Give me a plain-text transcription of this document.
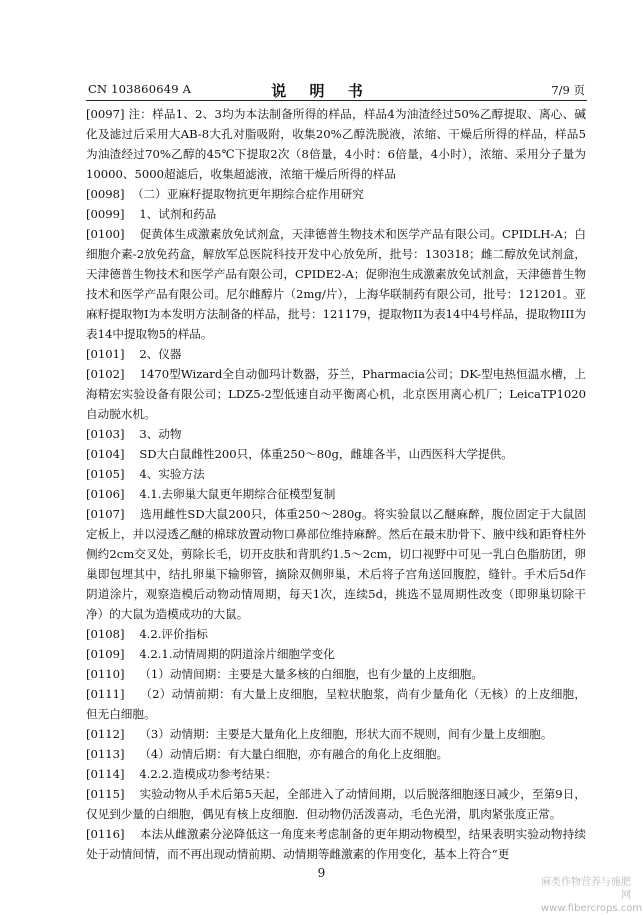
CN 103860649 A	说 明 书	7/9 页

[0097] 注：样品1、2、3均为本法制备所得的样品，样品4为油渣经过50%乙醇提取、离心、碱化及滤过后采用大AB-8大孔对脂吸附，收集20%乙醇洗脱液，浓缩、干燥后所得的样品，样品5为油渣经过70%乙醇的45℃下提取2次（8倍量，4小时：6倍量，4小时），浓缩、采用分子量为10000、5000超滤后，收集超滤液，浓缩干燥后所得的样品

[0098] （二）亚麻籽提取物抗更年期综合症作用研究

[0099] 1、试剂和药品

[0100] 促黄体生成激素放免试剂盒，天津德普生物技术和医学产品有限公司。CPIDLH-A；白细胞介素-2放免药盒，解放军总医院科技开发中心放免所，批号：130318；雌二醇放免试剂盒，天津德普生物技术和医学产品有限公司，CPIDE2-A；促卵泡生成激素放免试剂盒，天津德普生物技术和医学产品有限公司。尼尔雌醇片（2mg/片），上海华联制药有限公司，批号：121201。亚麻籽提取物I为本发明方法制备的样品，批号：121179，提取物II为表14中4号样品，提取物III为表14中提取物5的样品。

[0101] 2、仪器

[0102] 1470型Wizard全自动伽玛计数器，芬兰，Pharmacia公司；DK-型电热恒温水槽，上海精宏实验设备有限公司；LDZ5-2型低速自动平衡离心机，北京医用离心机厂；LeicaTP1020自动脱水机。

[0103] 3、动物

[0104] SD大白鼠雌性200只，体重250～80g，雌雄各半，山西医科大学提供。

[0105] 4、实验方法

[0106] 4.1.去卵巢大鼠更年期综合征模型复制

[0107] 选用雌性SD大鼠200只，体重250～280g。将实验鼠以乙醚麻醉，腹位固定于大鼠固定板上，并以浸透乙醚的棉球放置动物口鼻部位维持麻醉。然后在最末肋骨下、腋中线和距脊柱外侧约2cm交叉处，剪除长毛，切开皮肤和背肌约1.5～2cm，切口视野中可见一乳白色脂肪团，卵巢即包埋其中，结扎卵巢下输卵管，摘除双侧卵巢，术后将子宫角送回腹腔，缝针。手术后5d作阴道涂片，观察造模后动物动情周期，每天1次，连续5d，挑选不显周期性改变（即卵巢切除干净）的大鼠为造模成功的大鼠。

[0108] 4.2.评价指标

[0109] 4.2.1.动情周期的阴道涂片细胞学变化

[0110] （1）动情间期：主要是大量多核的白细胞，也有少量的上皮细胞。

[0111] （2）动情前期：有大量上皮细胞，呈粒状胞浆，尚有少量角化（无核）的上皮细胞，但无白细胞。

[0112] （3）动情期：主要是大量角化上皮细胞，形状大而不规则，间有少量上皮细胞。

[0113] （4）动情后期：有大量白细胞，亦有融合的角化上皮细胞。

[0114] 4.2.2.造模成功参考结果：

[0115] 实验动物从手术后第5天起，全部进入了动情间期，以后脱落细胞逐日减少，至第9日，仅见到少量的白细胞，偶见有核上皮细胞．但动物仍活泼喜动，毛色光滑，肌肉紧张度正常。

[0116] 本法从雌激素分泌降低这一角度来考虑制备的更年期动物模型，结果表明实验动物持续处于动情间情，而不再出现动情前期、动情期等雌激素的作用变化，基本上符合“更

9
麻类作物营养与施肥网
www.fibercrops.com
